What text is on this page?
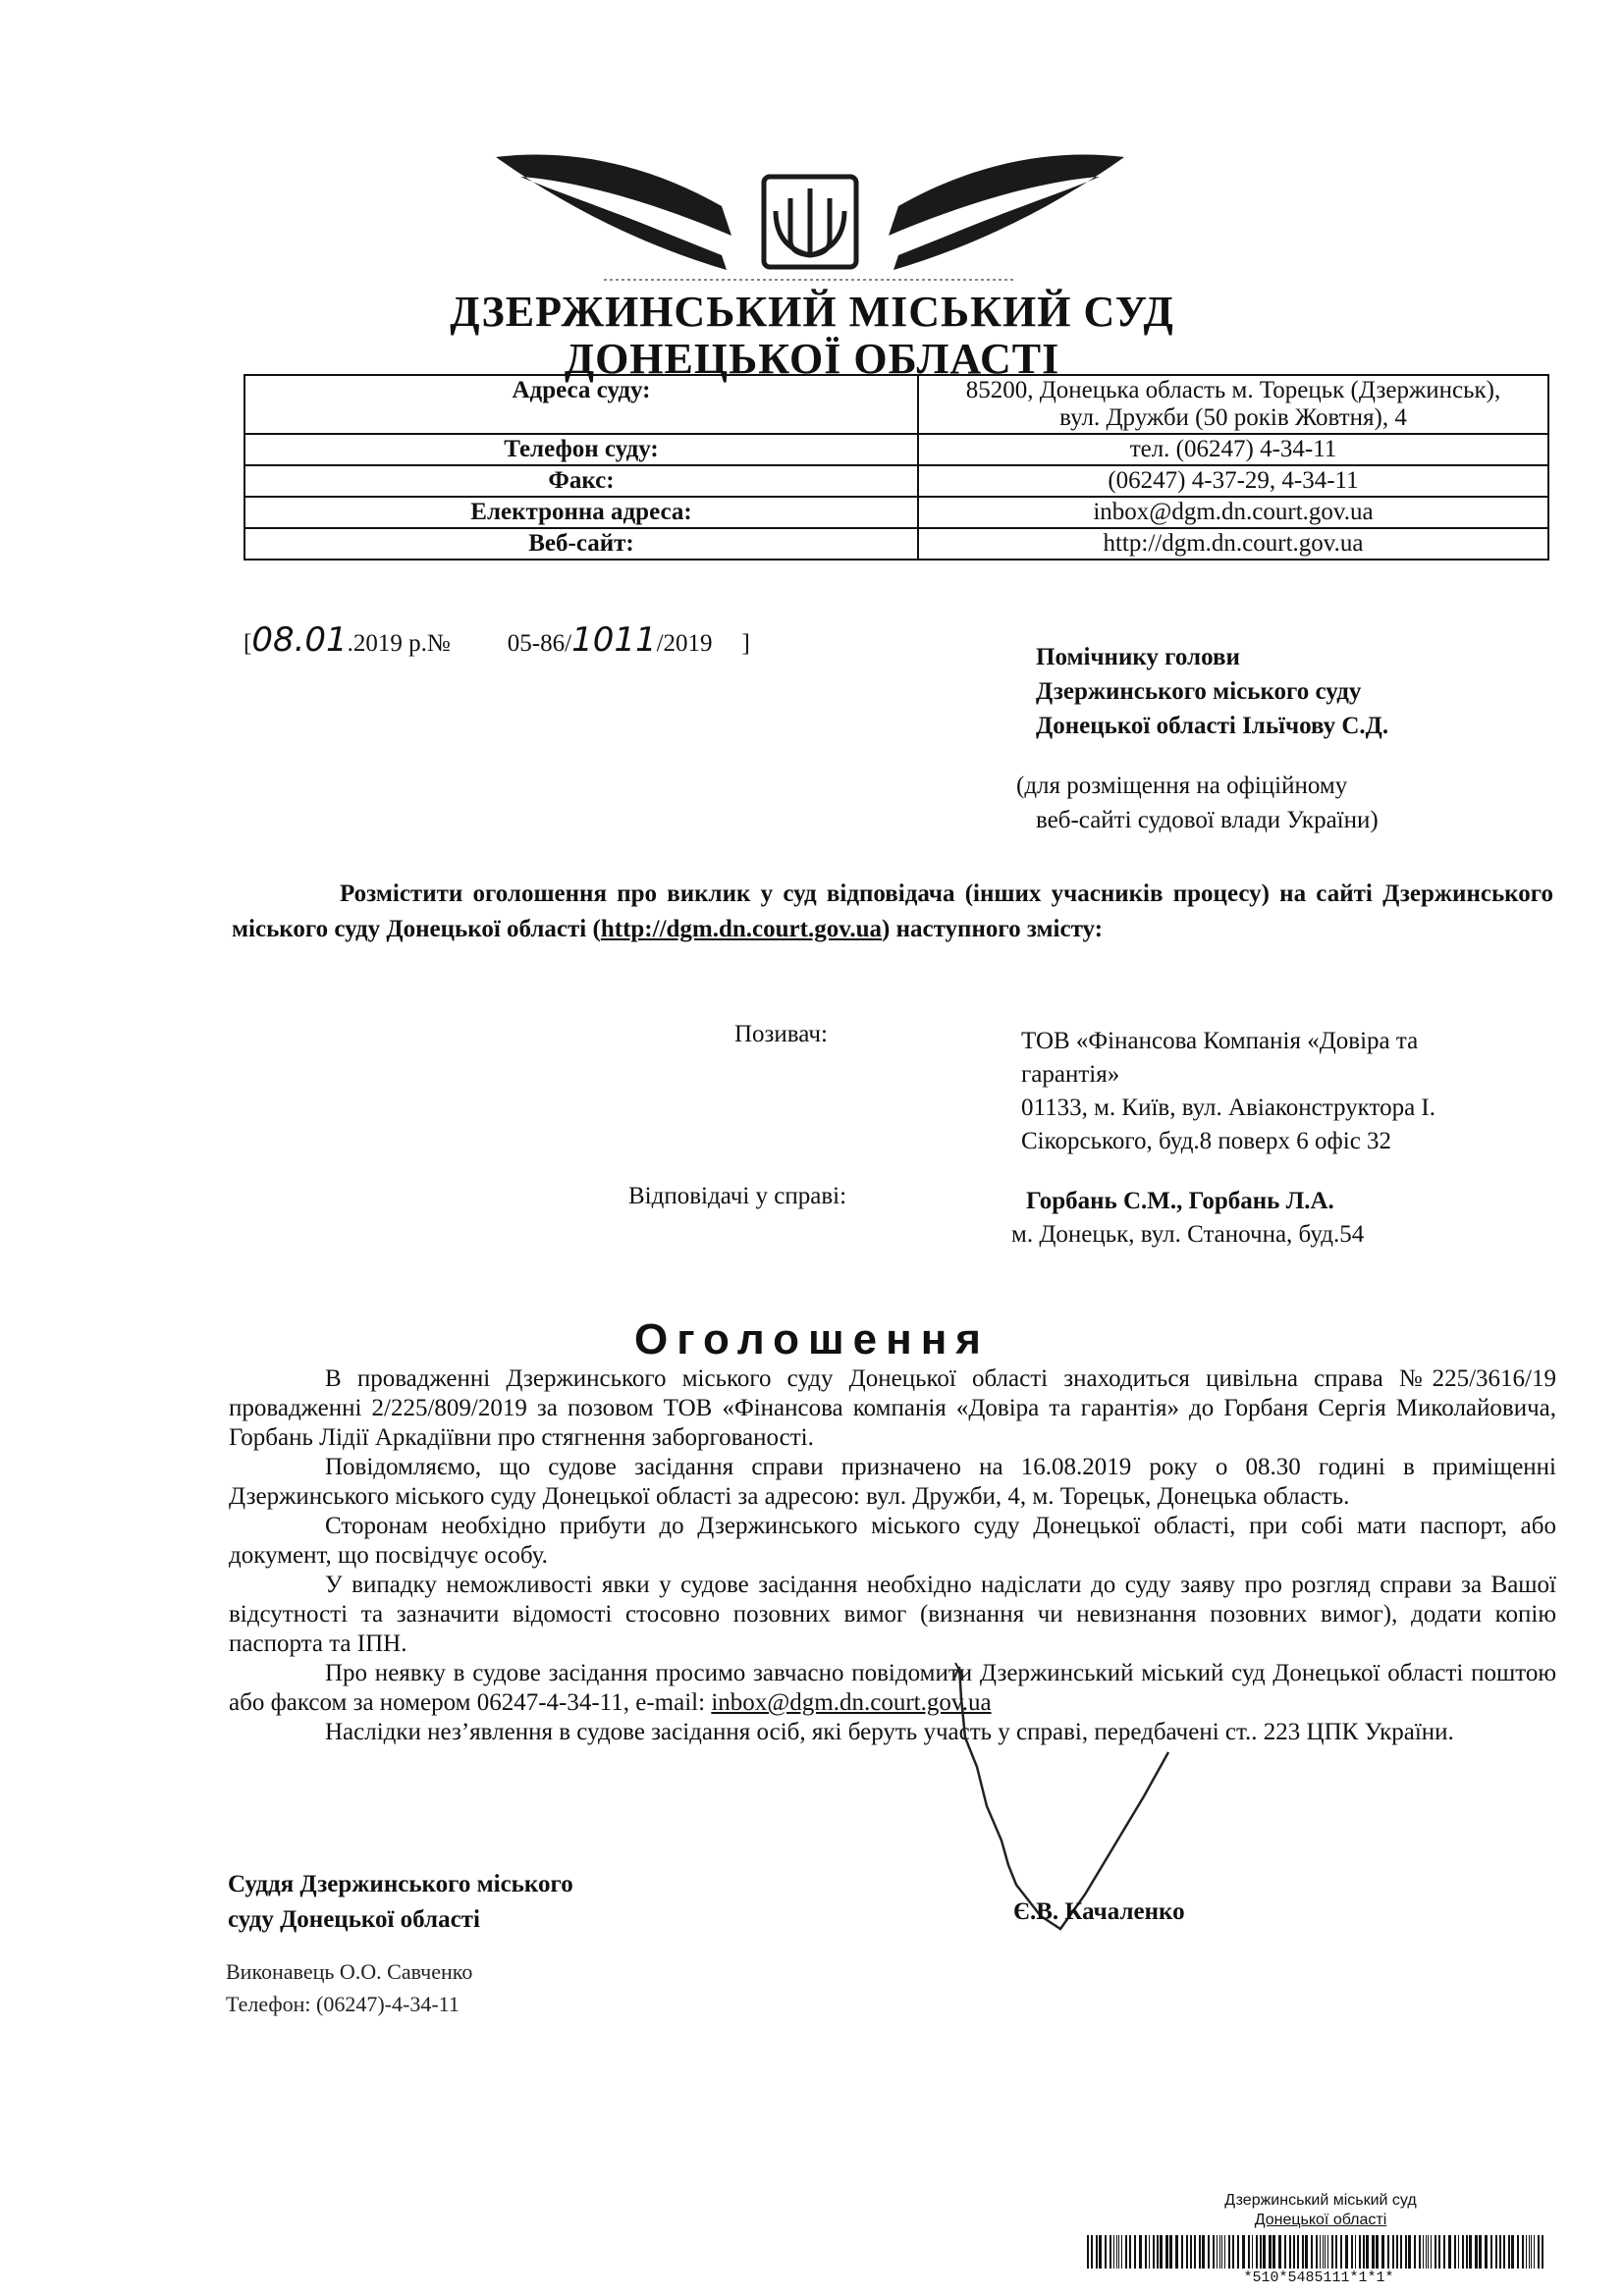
ДЗЕРЖИНСЬКИЙ МІСЬКИЙ СУД
ДОНЕЦЬКОЇ ОБЛАСТІ
Адреса суду:	85200, Донецька область м. Торецьк (Дзержинськ),
вул. Дружби (50 років Жовтня), 4

Телефон суду:	тел. (06247) 4-34-11
Факс:	(06247) 4-37-29, 4-34-11
Електронна адреса:	inbox@dgm.dn.court.gov.ua
Веб-сайт:	http://dgm.dn.court.gov.ua
[08.01.2019 р.№ 05-86/1011/2019 ]
Помічнику голови
Дзержинського міського суду
Донецької області Ільїчову С.Д.
(для розміщення на офіційному
веб-сайті судової влади України)
Розмістити оголошення про виклик у суд відповідача (інших учасників процесу) на сайті Дзержинського міського суду Донецької області (http://dgm.dn.court.gov.ua) наступного змісту:
Позивач:	ТОВ «Фінансова Компанія «Довіра та
гарантія»
01133, м. Київ, вул. Авіаконструктора І.
Сікорського, буд.8 поверх 6 офіс 32
Відповідачі у справі:	Горбань С.М., Горбань Л.А.
м. Донецьк, вул. Станочна, буд.54
Оголошення

В провадженні Дзержинського міського суду Донецької області знаходиться цивільна справа №225/3616/19 провадженні 2/225/809/2019 за позовом ТОВ «Фінансова компанія «Довіра та гарантія» до Горбаня Сергія Миколайовича, Горбань Лідії Аркадіївни про стягнення заборгованості.

Повідомляємо, що судове засідання справи призначено на 16.08.2019 року о 08.30 годині в приміщенні Дзержинського міського суду Донецької області за адресою: вул. Дружби, 4, м. Торецьк, Донецька область.

Сторонам необхідно прибути до Дзержинського міського суду Донецької області, при собі мати паспорт, або документ, що посвідчує особу.

У випадку неможливості явки у судове засідання необхідно надіслати до суду заяву про розгляд справи за Вашої відсутності та зазначити відомості стосовно позовних вимог (визнання чи невизнання позовних вимог), додати копію паспорта та ІПН.

Про неявку в судове засідання просимо завчасно повідомити Дзержинський міський суд Донецької області поштою або факсом за номером 06247-4-34-11, e-mail: inbox@dgm.dn.court.gov.ua

Наслідки нез’явлення в судове засідання осіб, які беруть участь у справі, передбачені ст.. 223 ЦПК України.

Суддя Дзержинського міського
суду Донецької області	Є.В. Качаленко
Виконавець О.О. Савченко
Телефон: (06247)-4-34-11
Дзержинський міський суд
Донецької області
*510*5485111*1*1*
